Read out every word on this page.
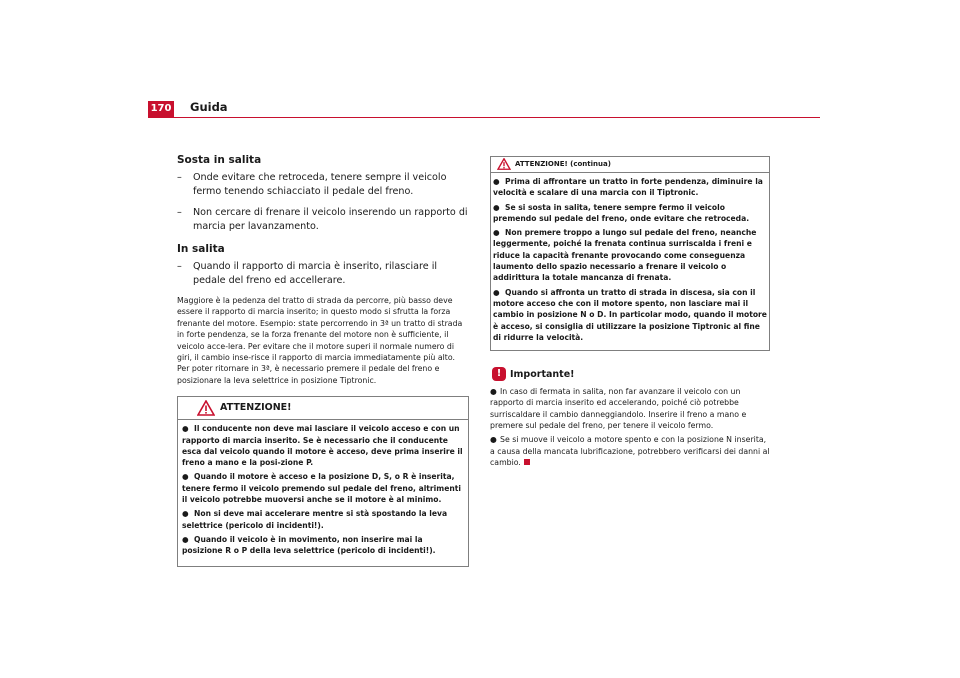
170 Guida
Sosta in salita
– Onde evitare che retroceda, tenere sempre il veicolo fermo tenendo schiacciato il pedale del freno.
– Non cercare di frenare il veicolo inserendo un rapporto di marcia per lavanzamento.
In salita
– Quando il rapporto di marcia è inserito, rilasciare il pedale del freno ed accellerare.
Maggiore è la pedenza del tratto di strada da percorre, più basso deve essere il rapporto di marcia inserito; in questo modo si sfrutta la forza frenante del motore. Esempio: state percorrendo in 3ª un tratto di strada in forte pendenza, se la forza frenante del motore non è sufficiente, il veicolo acce-lera. Per evitare che il motore superi il normale numero di giri, il cambio inse-risce il rapporto di marcia immediatamente più alto. Per poter ritornare in 3ª, è necessario premere il pedale del freno e posizionare la leva selettrice in posizione Tiptronic.
ATTENZIONE!
● Il conducente non deve mai lasciare il veicolo acceso e con un rapporto di marcia inserito. Se è necessario che il conducente esca dal veicolo quando il motore è acceso, deve prima inserire il freno a mano e la posi-zione P.
● Quando il motore è acceso e la posizione D, S, o R è inserita, tenere fermo il veicolo premendo sul pedale del freno, altrimenti il veicolo potrebbe muoversi anche se il motore è al minimo.
● Non si deve mai accelerare mentre si stà spostando la leva selettrice (pericolo di incidenti!).
● Quando il veicolo è in movimento, non inserire mai la posizione R o P della leva selettrice (pericolo di incidenti!).
ATTENZIONE! (continua)
● Prima di affrontare un tratto in forte pendenza, diminuire la velocità e scalare di una marcia con il Tiptronic.
● Se si sosta in salita, tenere sempre fermo il veicolo premendo sul pedale del freno, onde evitare che retroceda.
● Non premere troppo a lungo sul pedale del freno, neanche leggermente, poiché la frenata continua surriscalda i freni e riduce la capacità frenante provocando come conseguenza laumento dello spazio necessario a frenare il veicolo o addirittura la totale mancanza di frenata.
● Quando si affronta un tratto di strada in discesa, sia con il motore acceso che con il motore spento, non lasciare mai il cambio in posizione N o D. In particolar modo, quando il motore è acceso, si consiglia di utilizzare la posizione Tiptronic al fine di ridurre la velocità.
! Importante!
● In caso di fermata in salita, non far avanzare il veicolo con un rapporto di marcia inserito ed accelerando, poiché ciò potrebbe surriscaldare il cambio danneggiandolo. Inserire il freno a mano e premere sul pedale del freno, per tenere il veicolo fermo.
● Se si muove il veicolo a motore spento e con la posizione N inserita, a causa della mancata lubrificazione, potrebbero verificarsi dei danni al cambio.
